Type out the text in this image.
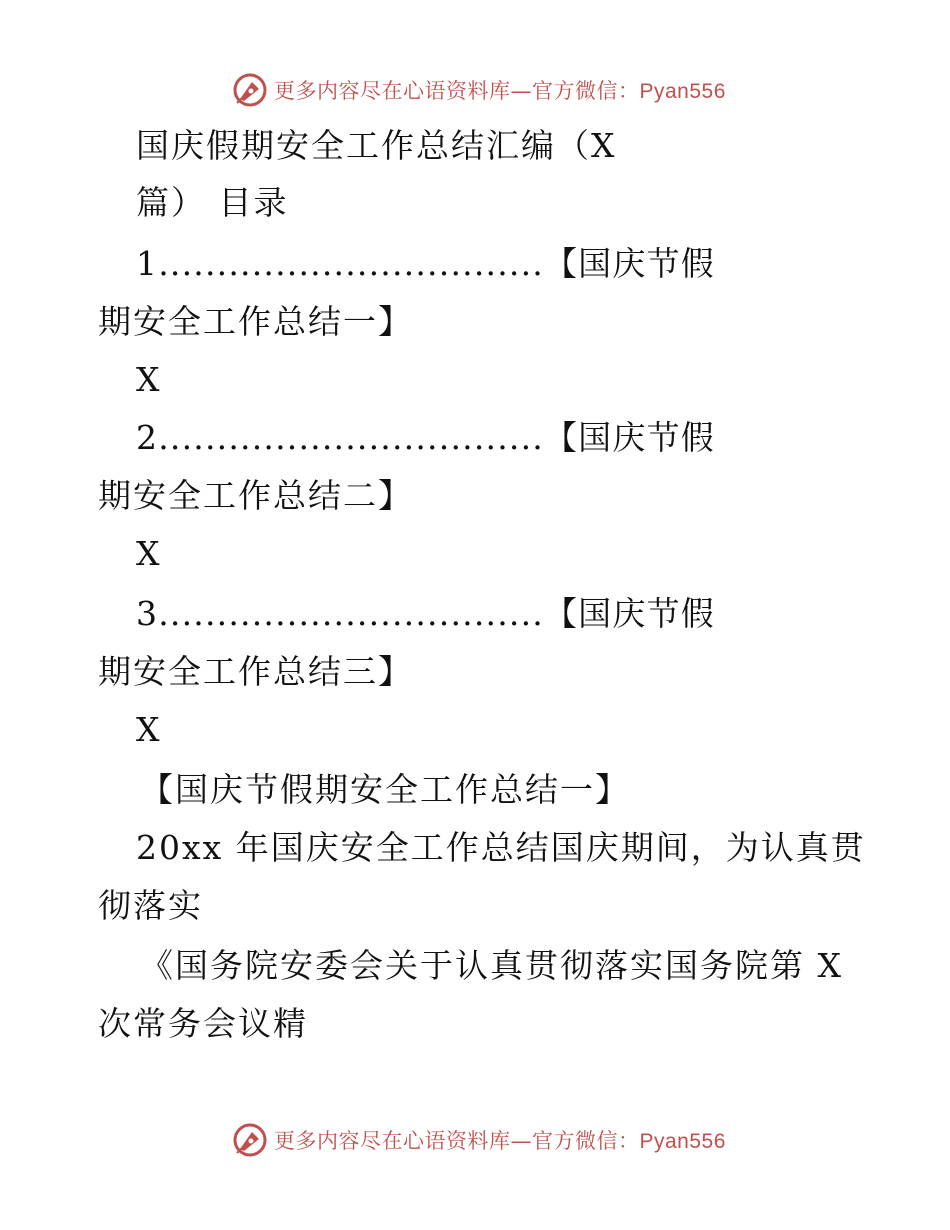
更多内容尽在心语资料库—官方微信：Pyan556
国庆假期安全工作总结汇编（X
篇） 目录
1.................................【国庆节假
期安全工作总结一】
X
2.................................【国庆节假
期安全工作总结二】
X
3.................................【国庆节假
期安全工作总结三】
X
【国庆节假期安全工作总结一】
20xx 年国庆安全工作总结国庆期间，为认真贯
彻落实
《国务院安委会关于认真贯彻落实国务院第 X
次常务会议精
更多内容尽在心语资料库—官方微信：Pyan556
